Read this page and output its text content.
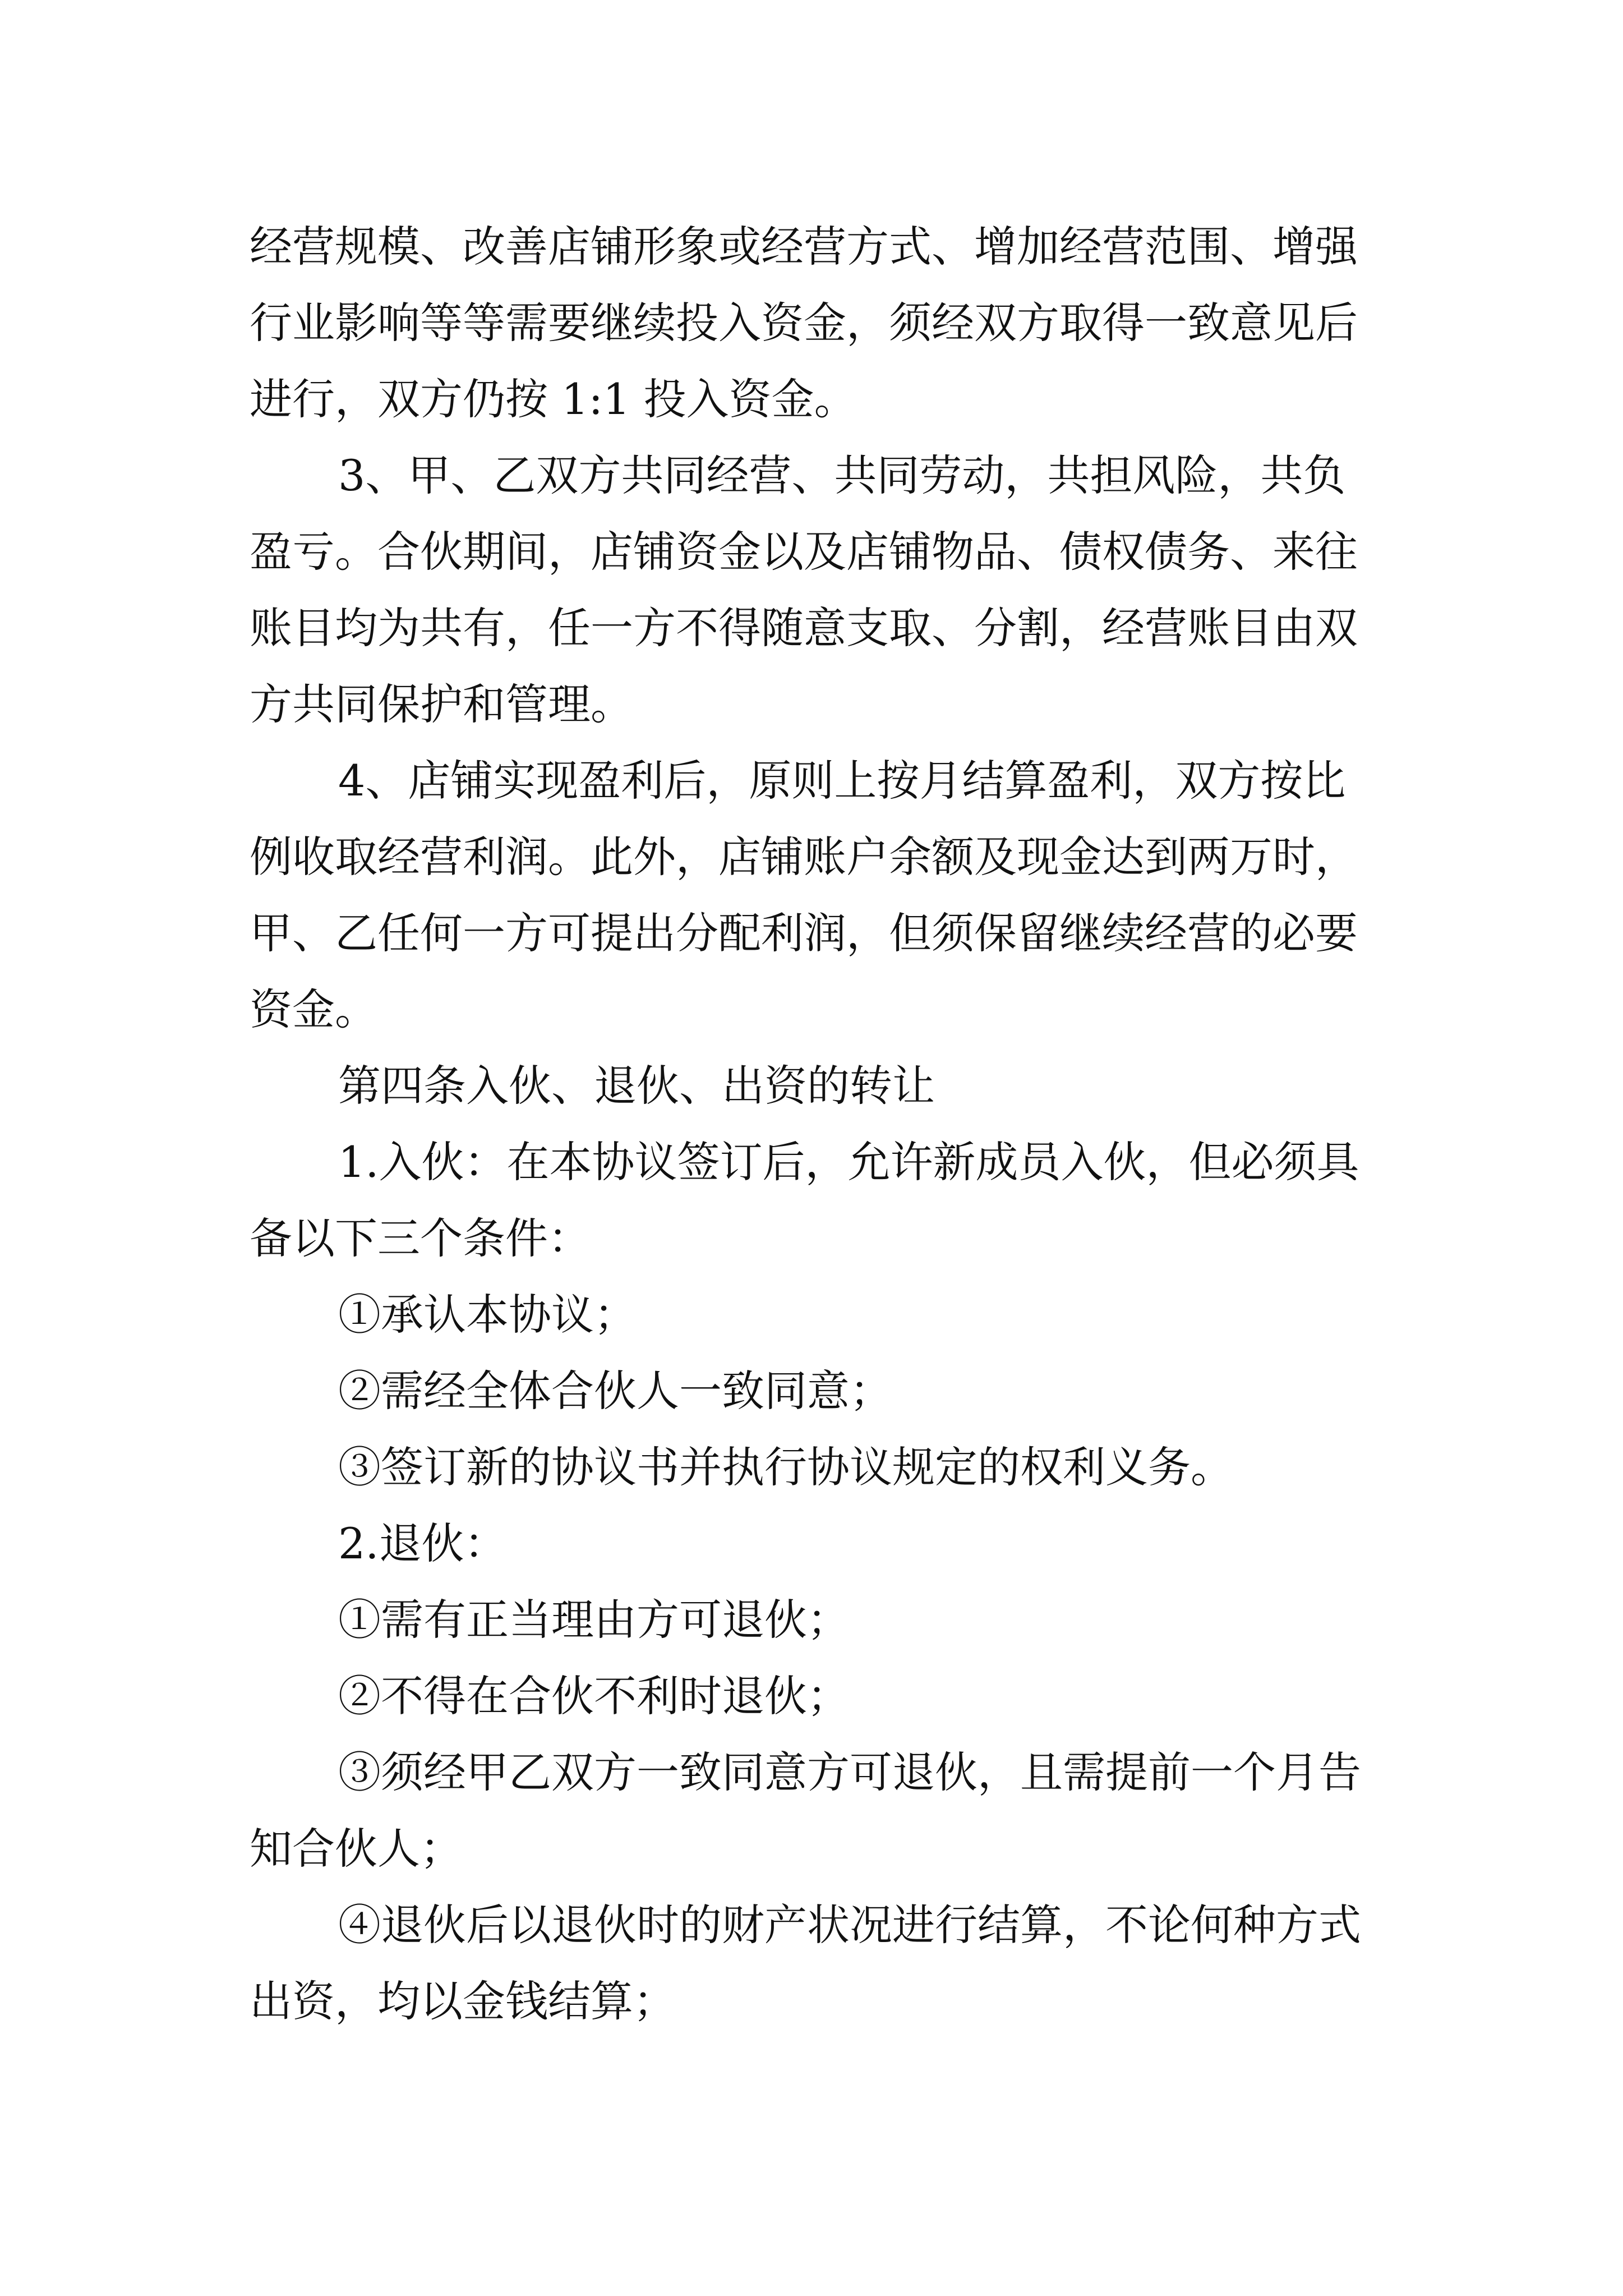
经营规模、改善店铺形象或经营方式、增加经营范围、增强
行业影响等等需要继续投入资金，须经双方取得一致意见后
进行，双方仍按 1:1 投入资金。
3、甲、乙双方共同经营、共同劳动，共担风险，共负
盈亏。合伙期间，店铺资金以及店铺物品、债权债务、来往
账目均为共有，任一方不得随意支取、分割，经营账目由双
方共同保护和管理。
4、店铺实现盈利后，原则上按月结算盈利，双方按比
例收取经营利润。此外，店铺账户余额及现金达到两万时，
甲、乙任何一方可提出分配利润，但须保留继续经营的必要
资金。
第四条入伙、退伙、出资的转让
1.入伙：在本协议签订后，允许新成员入伙，但必须具
备以下三个条件：
①承认本协议；
②需经全体合伙人一致同意；
③签订新的协议书并执行协议规定的权利义务。
2.退伙：
①需有正当理由方可退伙；
②不得在合伙不利时退伙；
③须经甲乙双方一致同意方可退伙，且需提前一个月告
知合伙人；
④退伙后以退伙时的财产状况进行结算，不论何种方式
出资，均以金钱结算；
